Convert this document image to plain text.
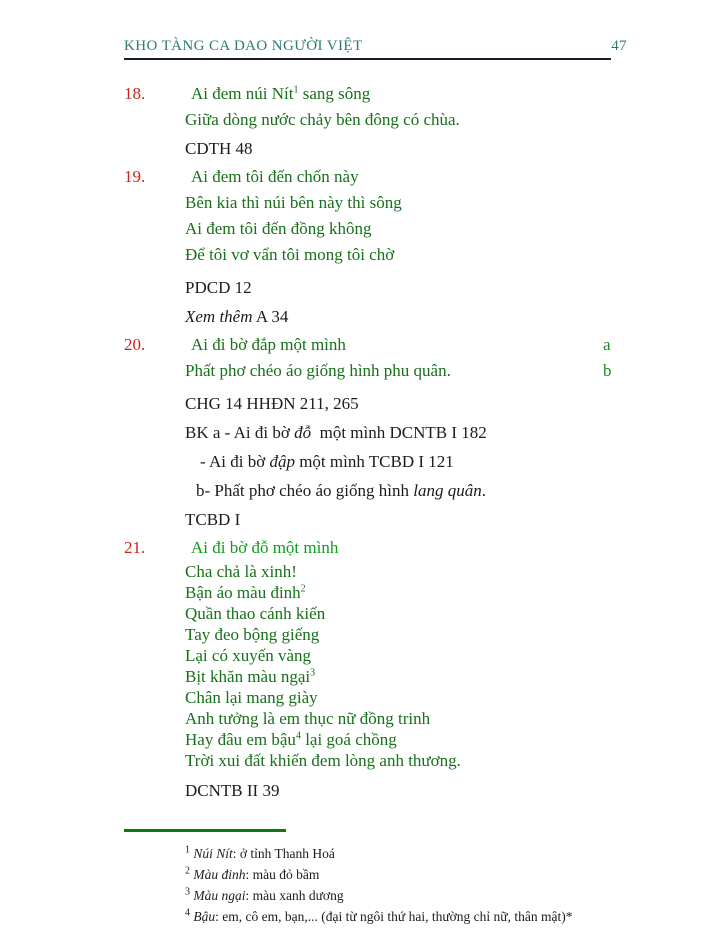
KHO TÀNG CA DAO NGƯỜI VIỆT	47
18.	Ai đem núi Nít$^1$ sang sông
Giữa dòng nước chảy bên đông có chùa.
CDTH 48
19.	Ai đem tôi đến chốn này
Bên kia thì núi bên này thì sông
Ai đem tôi đến đồng không
Để tôi vơ vẩn tôi mong tôi chờ
PDCD 12
Xem thêm A 34
20.	Ai đi bờ đắp một mình	a
Phất phơ chéo áo giống hình phu quân.	b
CHG 14 HHĐN 211, 265
BK a - Ai đi bờ đỗ  một mình DCNTB I 182
- Ai đi bờ đập một mình TCBD I 121
b- Phất phơ chéo áo giống hình lang quân.
TCBD I
21.	Ai đi bờ đỗ một mình
Cha chả là xinh!
Bận áo màu đinh$^2$
Quần thao cánh kiến
Tay đeo bộng giếng
Lại có xuyến vàng
Bịt khăn màu ngại$^3$
Chân lại mang giày
Anh tưởng là em thục nữ đồng trinh
Hay đâu em bậu$^4$ lại goá chồng
Trời xui đất khiến đem lòng anh thương.
DCNTB II 39
$^1$ Núi Nít: ở tỉnh Thanh Hoá
$^2$ Màu đinh: màu đỏ bầm
$^3$ Màu ngại: màu xanh dương
$^4$ Bậu: em, cô em, bạn,... (đại từ ngôi thứ hai, thường chỉ nữ, thân mật)*
